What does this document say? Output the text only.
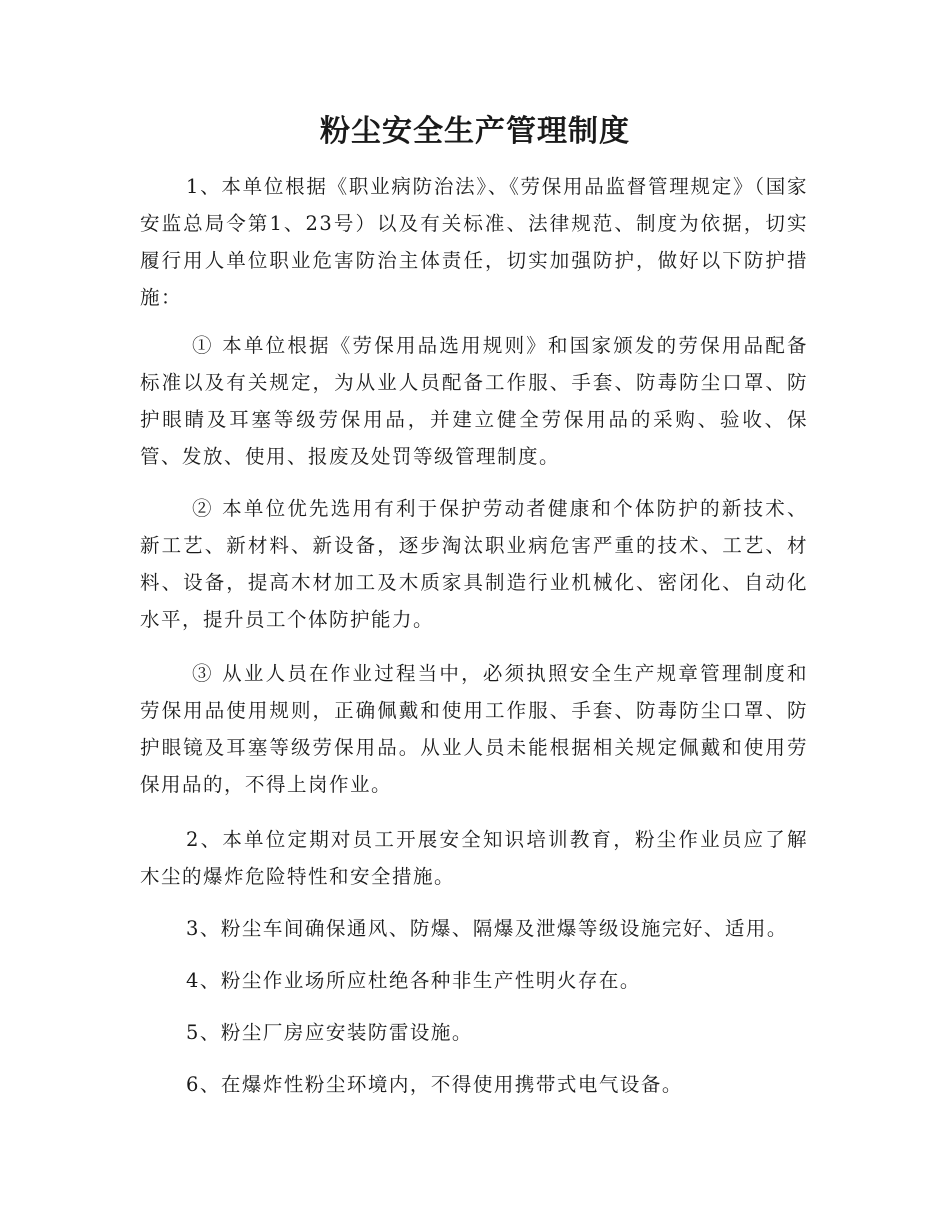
粉尘安全生产管理制度

1、本单位根据《职业病防治法》、《劳保用品监督管理规定》（国家安监总局令第1、23号）以及有关标准、法律规范、制度为依据，切实履行用人单位职业危害防治主体责任，切实加强防护，做好以下防护措施：

① 本单位根据《劳保用品选用规则》和国家颁发的劳保用品配备标准以及有关规定，为从业人员配备工作服、手套、防毒防尘口罩、防护眼睛及耳塞等级劳保用品，并建立健全劳保用品的采购、验收、保管、发放、使用、报废及处罚等级管理制度。

② 本单位优先选用有利于保护劳动者健康和个体防护的新技术、新工艺、新材料、新设备，逐步淘汰职业病危害严重的技术、工艺、材料、设备，提高木材加工及木质家具制造行业机械化、密闭化、自动化水平，提升员工个体防护能力。

③ 从业人员在作业过程当中，必须执照安全生产规章管理制度和劳保用品使用规则，正确佩戴和使用工作服、手套、防毒防尘口罩、防护眼镜及耳塞等级劳保用品。从业人员未能根据相关规定佩戴和使用劳保用品的，不得上岗作业。

2、本单位定期对员工开展安全知识培训教育，粉尘作业员应了解木尘的爆炸危险特性和安全措施。

3、粉尘车间确保通风、防爆、隔爆及泄爆等级设施完好、适用。

4、粉尘作业场所应杜绝各种非生产性明火存在。

5、粉尘厂房应安装防雷设施。

6、在爆炸性粉尘环境内，不得使用携带式电气设备。
